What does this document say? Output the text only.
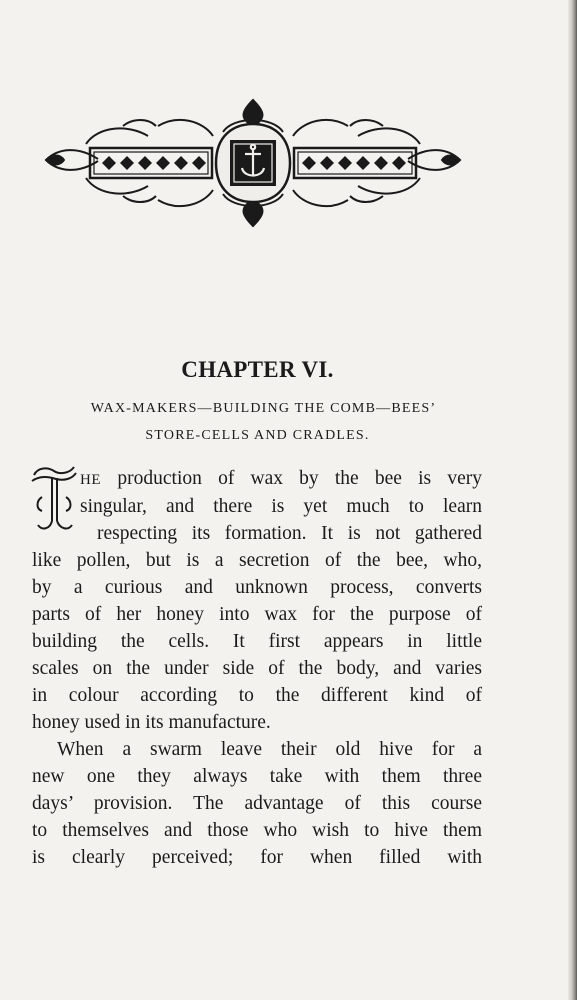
CHAPTER VI.

WAX-MAKERS—BUILDING THE COMB—BEES’

STORE-CELLS AND CRADLES.

HE production of wax by the bee is very
singular, and there is yet much to learn
respecting its formation. It is not gathered
like pollen, but is a secretion of the bee, who,
by a curious and unknown process, converts
parts of her honey into wax for the purpose of
building the cells. It first appears in little
scales on the under side of the body, and varies
in colour according to the different kind of
honey used in its manufacture.
When a swarm leave their old hive for a
new one they always take with them three
days’ provision. The advantage of this course
to themselves and those who wish to hive them
is clearly perceived; for when filled with
